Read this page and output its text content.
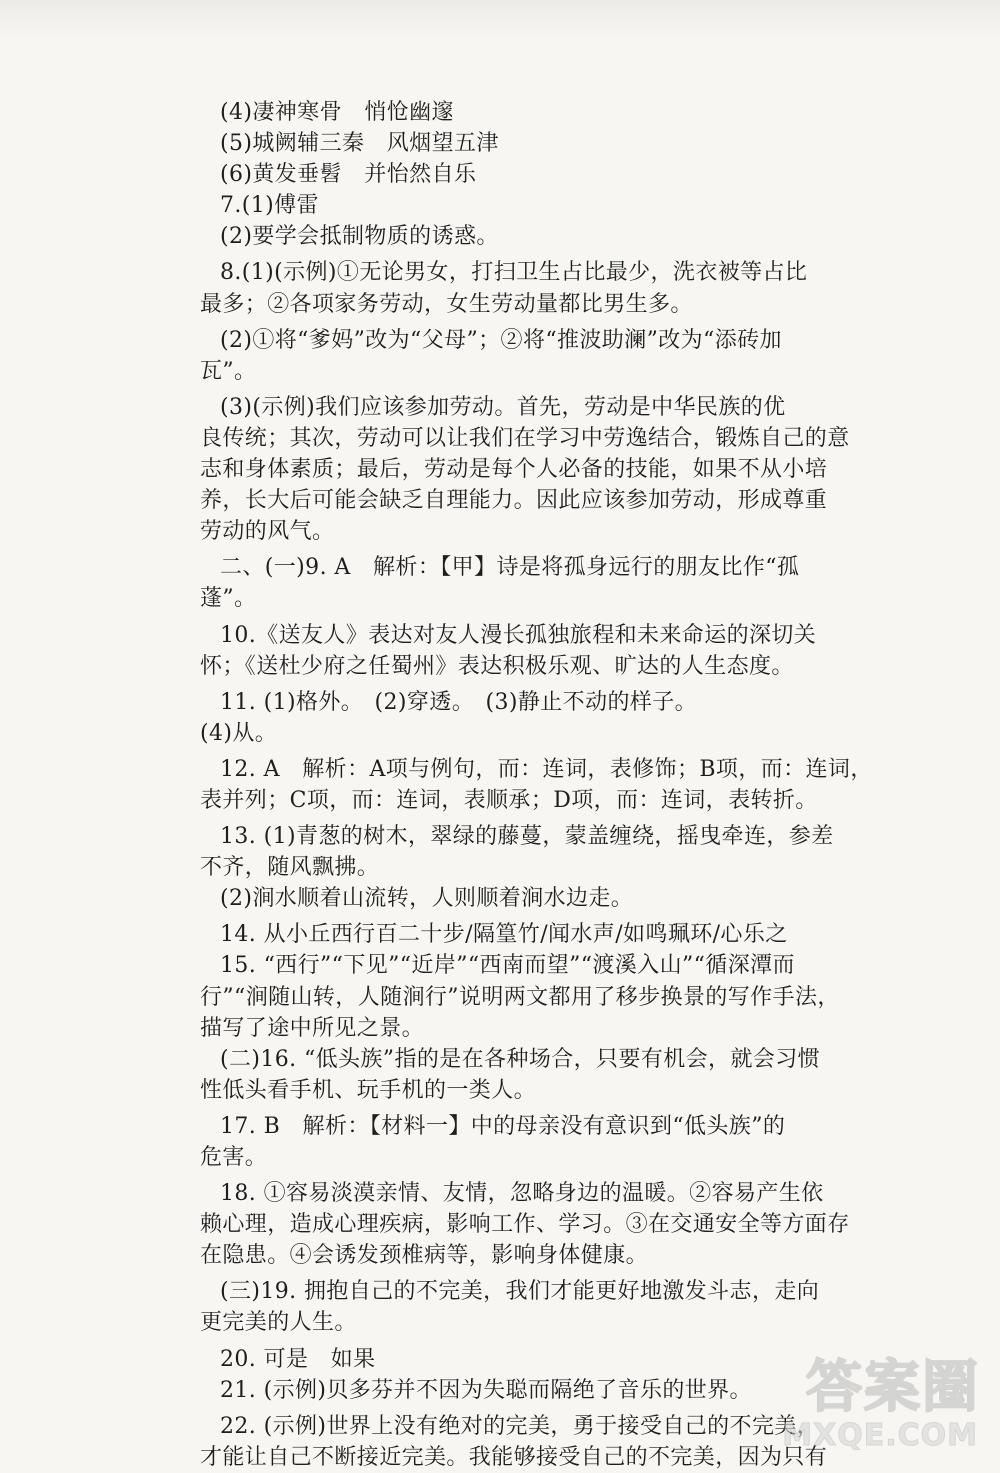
(4)凄神寒骨　悄怆幽邃
(5)城阙辅三秦　风烟望五津
(6)黄发垂髫　并怡然自乐
7.(1)傅雷
(2)要学会抵制物质的诱惑。
8.(1)(示例)①无论男女，打扫卫生占比最少，洗衣被等占比
最多；②各项家务劳动，女生劳动量都比男生多。
(2)①将“爹妈”改为“父母”；②将“推波助澜”改为“添砖加
瓦”。
(3)(示例)我们应该参加劳动。首先，劳动是中华民族的优
良传统；其次，劳动可以让我们在学习中劳逸结合，锻炼自己的意
志和身体素质；最后，劳动是每个人必备的技能，如果不从小培
养，长大后可能会缺乏自理能力。因此应该参加劳动，形成尊重
劳动的风气。
二、(一)9. A　解析：【甲】诗是将孤身远行的朋友比作“孤
蓬”。
10.《送友人》表达对友人漫长孤独旅程和未来命运的深切关
怀；《送杜少府之任蜀州》表达积极乐观、旷达的人生态度。
11. (1)格外。　(2)穿透。　(3)静止不动的样子。
(4)从。
12. A　解析：A项与例句，而：连词，表修饰；B项，而：连词，
表并列；C项，而：连词，表顺承；D项，而：连词，表转折。
13. (1)青葱的树木，翠绿的藤蔓，蒙盖缠绕，摇曳牵连，参差
不齐，随风飘拂。
(2)涧水顺着山流转，人则顺着涧水边走。
14. 从小丘西行百二十步/隔篁竹/闻水声/如鸣珮环/心乐之
15. “西行”“下见”“近岸”“西南而望”“渡溪入山”“循深潭而
行”“涧随山转，人随涧行”说明两文都用了移步换景的写作手法，
描写了途中所见之景。
(二)16. “低头族”指的是在各种场合，只要有机会，就会习惯
性低头看手机、玩手机的一类人。
17. B　解析：【材料一】中的母亲没有意识到“低头族”的
危害。
18. ①容易淡漠亲情、友情，忽略身边的温暖。②容易产生依
赖心理，造成心理疾病，影响工作、学习。③在交通安全等方面存
在隐患。④会诱发颈椎病等，影响身体健康。
(三)19. 拥抱自己的不完美，我们才能更好地激发斗志，走向
更完美的人生。
20. 可是　如果
21. (示例)贝多芬并不因为失聪而隔绝了音乐的世界。
22. (示例)世界上没有绝对的完美，勇于接受自己的不完美，
才能让自己不断接近完美。我能够接受自己的不完美，因为只有
答案圈
MXQE.COM
